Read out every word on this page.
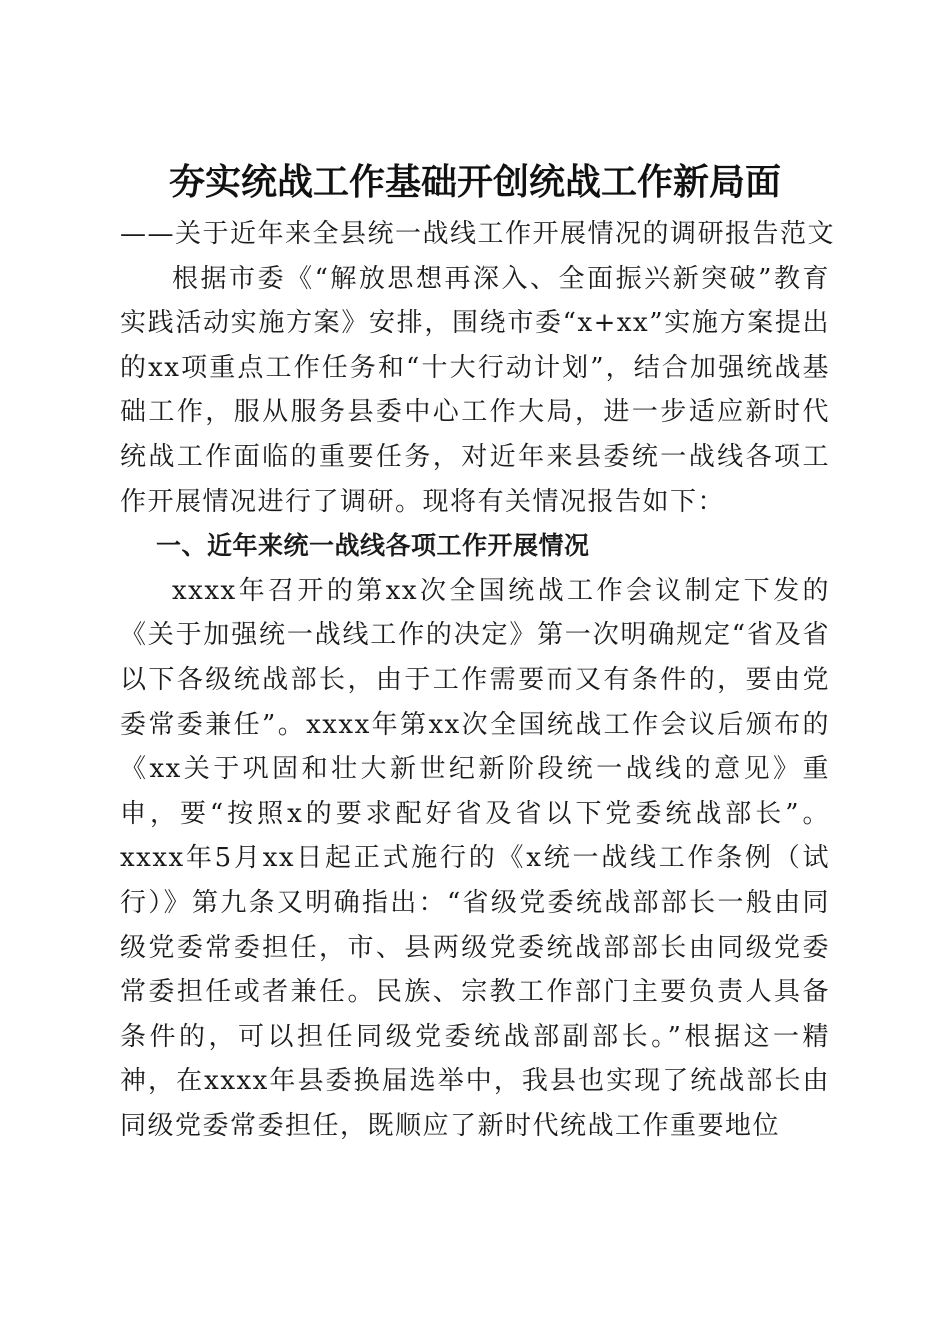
夯实统战工作基础开创统战工作新局面

——关于近年来全县统一战线工作开展情况的调研报告范文

根据市委《“解放思想再深入、全面振兴新突破”教育实践活动实施方案》安排，围绕市委“x+xx”实施方案提出的xx项重点工作任务和“十大行动计划”，结合加强统战基础工作，服从服务县委中心工作大局，进一步适应新时代统战工作面临的重要任务，对近年来县委统一战线各项工作开展情况进行了调研。现将有关情况报告如下：

一、近年来统一战线各项工作开展情况

xxxx年召开的第xx次全国统战工作会议制定下发的《关于加强统一战线工作的决定》第一次明确规定“省及省以下各级统战部长，由于工作需要而又有条件的，要由党委常委兼任”。xxxx年第xx次全国统战工作会议后颁布的《xx关于巩固和壮大新世纪新阶段统一战线的意见》重申，要“按照x的要求配好省及省以下党委统战部长”。xxxx年5月xx日起正式施行的《x统一战线工作条例（试行）》第九条又明确指出：“省级党委统战部部长一般由同级党委常委担任，市、县两级党委统战部部长由同级党委常委担任或者兼任。民族、宗教工作部门主要负责人具备条件的，可以担任同级党委统战部副部长。”根据这一精神，在xxxx年县委换届选举中，我县也实现了统战部长由同级党委常委担任，既顺应了新时代统战工作重要地位
